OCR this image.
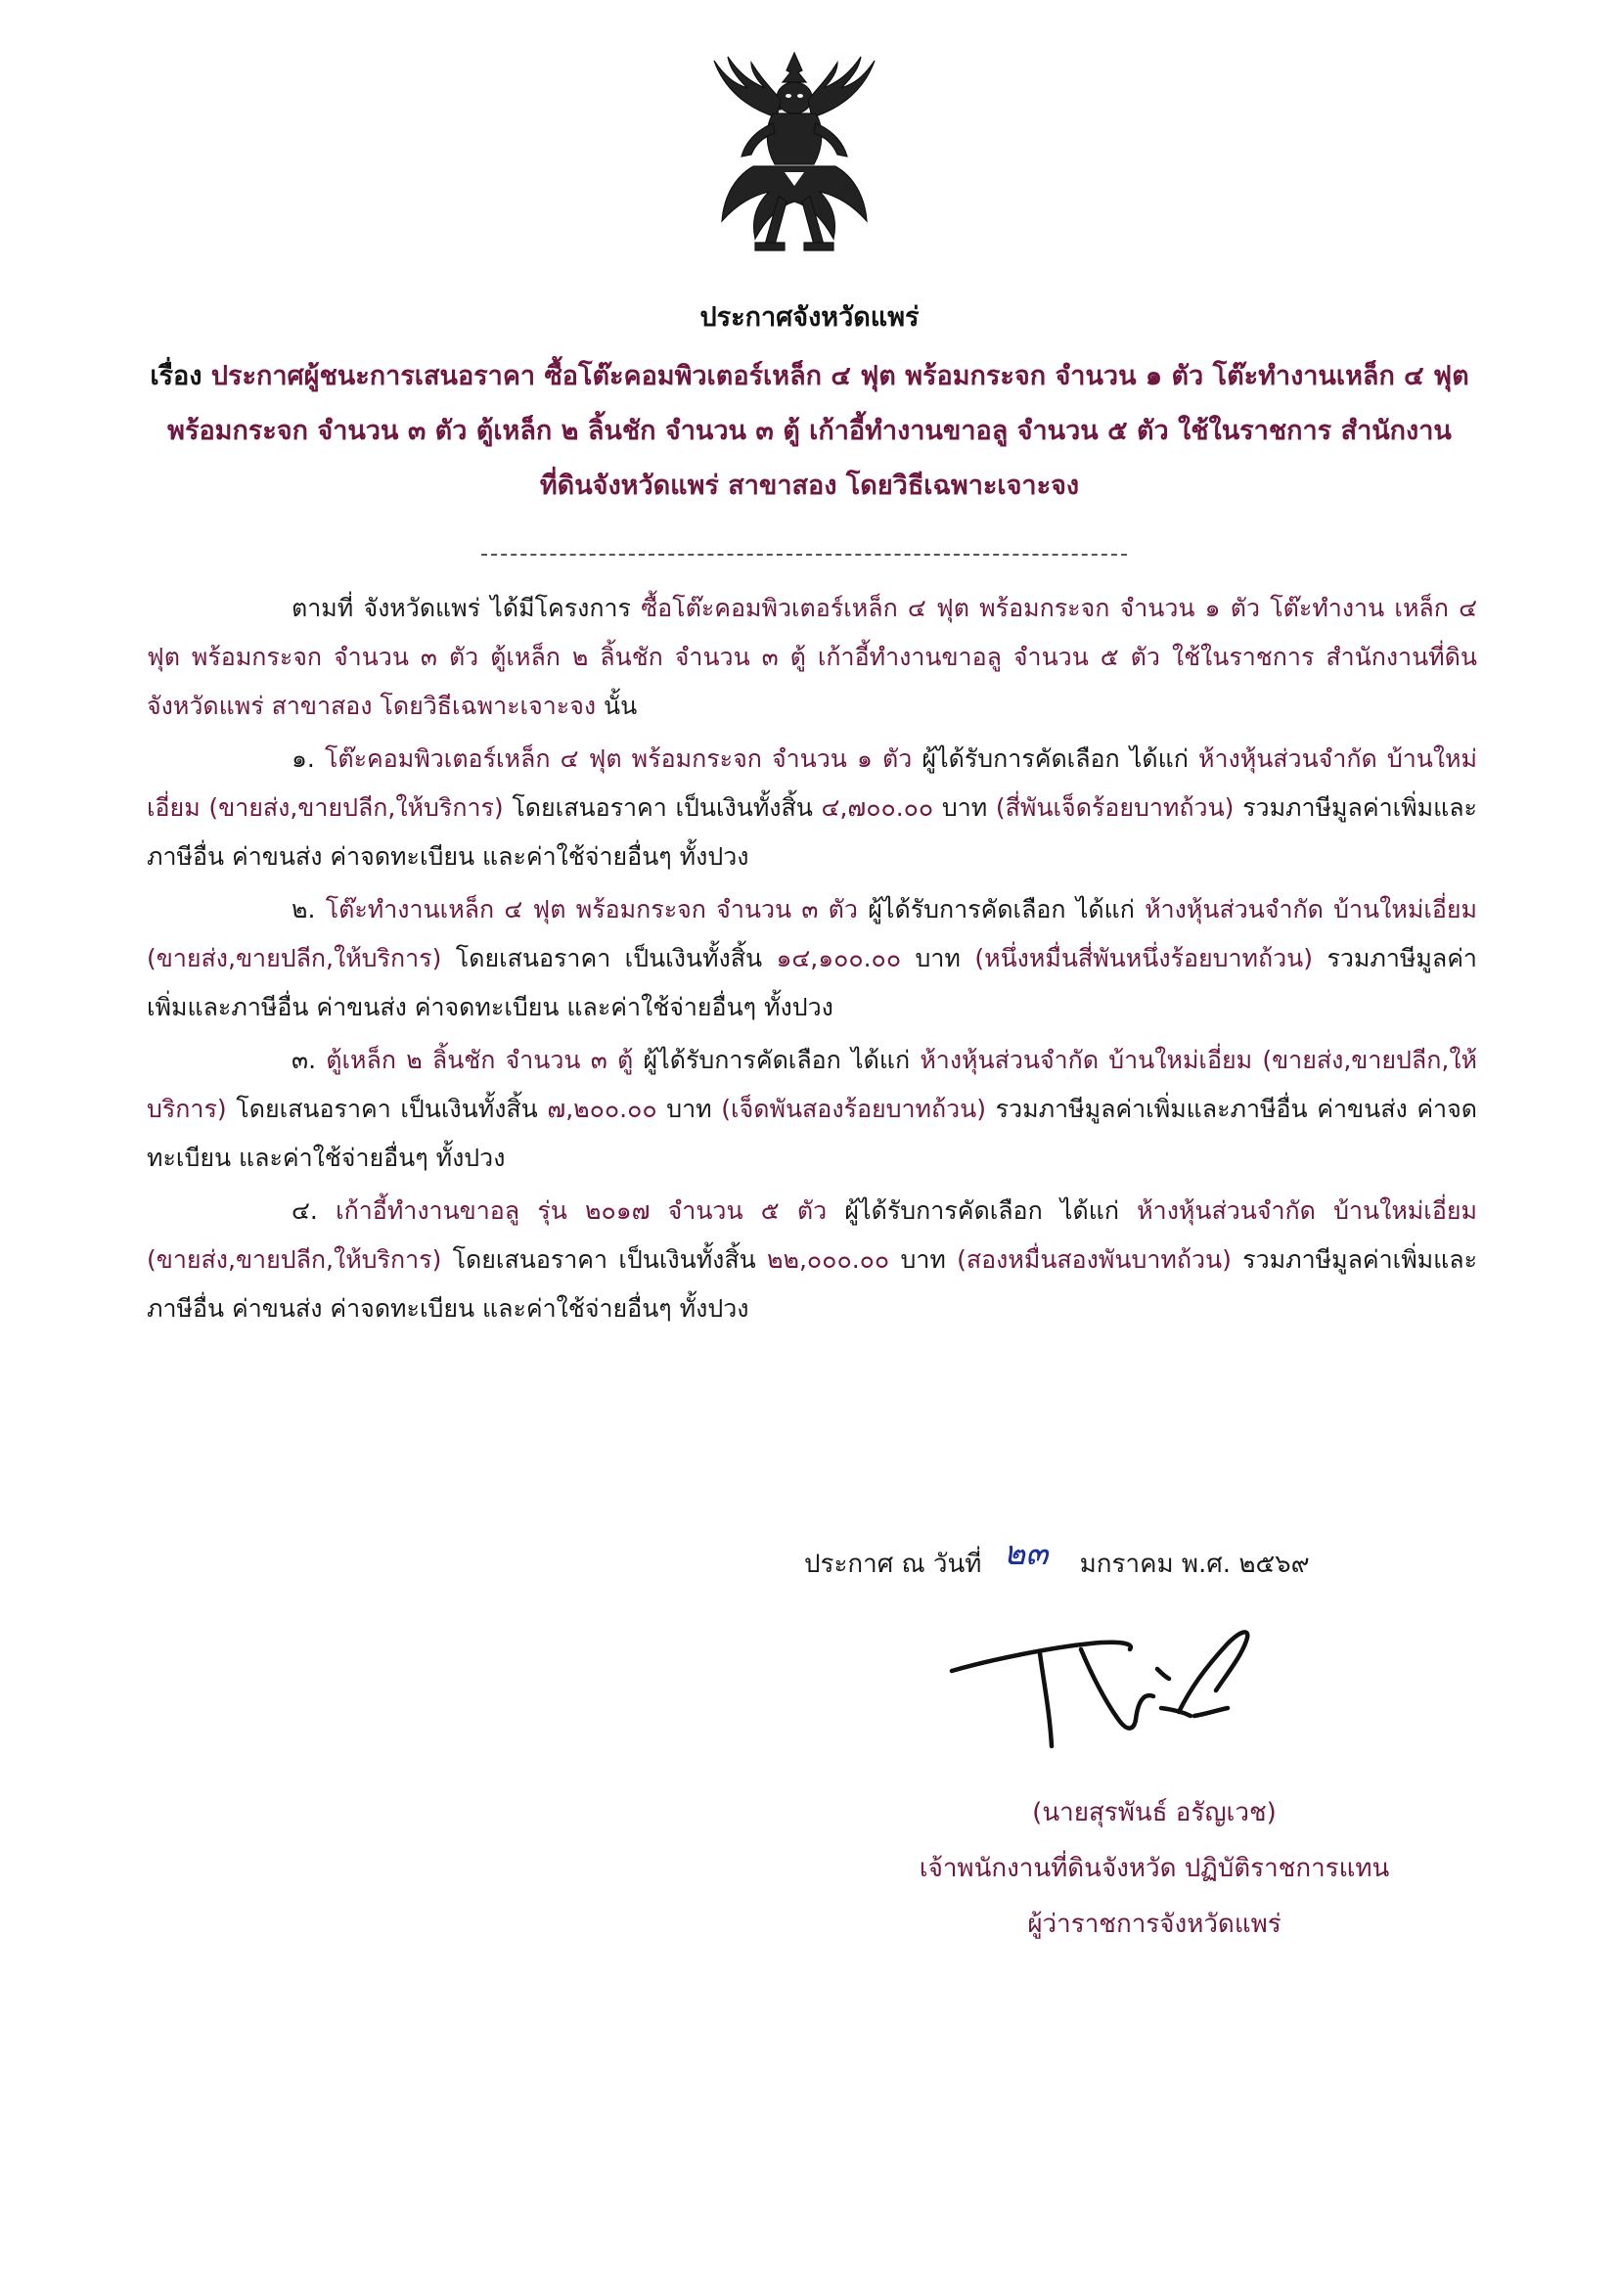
ประกาศจังหวัดแพร่
เรื่อง ประกาศผู้ชนะการเสนอราคา ซื้อโต๊ะคอมพิวเตอร์เหล็ก ๔ ฟุต พร้อมกระจก จำนวน ๑ ตัว โต๊ะทำงานเหล็ก ๔ ฟุต พร้อมกระจก จำนวน ๓ ตัว ตู้เหล็ก ๒ ลิ้นชัก จำนวน ๓ ตู้ เก้าอี้ทำงานขาอลู จำนวน ๕ ตัว ใช้ในราชการ สำนักงานที่ดินจังหวัดแพร่ สาขาสอง โดยวิธีเฉพาะเจาะจง

ตามที่ จังหวัดแพร่ ได้มีโครงการ ซื้อโต๊ะคอมพิวเตอร์เหล็ก ๔ ฟุต พร้อมกระจก จำนวน ๑ ตัว โต๊ะทำงาน เหล็ก ๔ ฟุต พร้อมกระจก จำนวน ๓ ตัว ตู้เหล็ก ๒ ลิ้นชัก จำนวน ๓ ตู้ เก้าอี้ทำงานขาอลู จำนวน ๕ ตัว ใช้ในราชการ สำนักงานที่ดินจังหวัดแพร่ สาขาสอง โดยวิธีเฉพาะเจาะจง นั้น

๑. โต๊ะคอมพิวเตอร์เหล็ก ๔ ฟุต พร้อมกระจก จำนวน ๑ ตัว ผู้ได้รับการคัดเลือก ได้แก่ ห้างหุ้นส่วนจำกัด บ้านใหม่เอี่ยม (ขายส่ง,ขายปลีก,ให้บริการ) โดยเสนอราคา เป็นเงินทั้งสิ้น ๔,๗๐๐.๐๐ บาท (สี่พันเจ็ดร้อยบาทถ้วน) รวมภาษีมูลค่าเพิ่มและภาษีอื่น ค่าขนส่ง ค่าจดทะเบียน และค่าใช้จ่ายอื่นๆ ทั้งปวง

๒. โต๊ะทำงานเหล็ก ๔ ฟุต พร้อมกระจก จำนวน ๓ ตัว ผู้ได้รับการคัดเลือก ได้แก่ ห้างหุ้นส่วนจำกัด บ้านใหม่เอี่ยม (ขายส่ง,ขายปลีก,ให้บริการ) โดยเสนอราคา เป็นเงินทั้งสิ้น ๑๔,๑๐๐.๐๐ บาท (หนึ่งหมื่นสี่พันหนึ่งร้อยบาทถ้วน) รวมภาษีมูลค่าเพิ่มและภาษีอื่น ค่าขนส่ง ค่าจดทะเบียน และค่าใช้จ่ายอื่นๆ ทั้งปวง

๓. ตู้เหล็ก ๒ ลิ้นชัก จำนวน ๓ ตู้ ผู้ได้รับการคัดเลือก ได้แก่ ห้างหุ้นส่วนจำกัด บ้านใหม่เอี่ยม (ขายส่ง,ขายปลีก,ให้บริการ) โดยเสนอราคา เป็นเงินทั้งสิ้น ๗,๒๐๐.๐๐ บาท (เจ็ดพันสองร้อยบาทถ้วน) รวมภาษีมูลค่าเพิ่มและภาษีอื่น ค่าขนส่ง ค่าจดทะเบียน และค่าใช้จ่ายอื่นๆ ทั้งปวง

๔. เก้าอี้ทำงานขาอลู รุ่น ๒๐๑๗ จำนวน ๕ ตัว ผู้ได้รับการคัดเลือก ได้แก่ ห้างหุ้นส่วนจำกัด บ้านใหม่เอี่ยม (ขายส่ง,ขายปลีก,ให้บริการ) โดยเสนอราคา เป็นเงินทั้งสิ้น ๒๒,๐๐๐.๐๐ บาท (สองหมื่นสองพันบาทถ้วน) รวมภาษีมูลค่าเพิ่มและภาษีอื่น ค่าขนส่ง ค่าจดทะเบียน และค่าใช้จ่ายอื่นๆ ทั้งปวง

ประกาศ ณ วันที่ ๒๓ มกราคม พ.ศ. ๒๕๖๙
(นายสุรพันธ์ อรัญเวช)
เจ้าพนักงานที่ดินจังหวัด ปฏิบัติราชการแทน
ผู้ว่าราชการจังหวัดแพร่
